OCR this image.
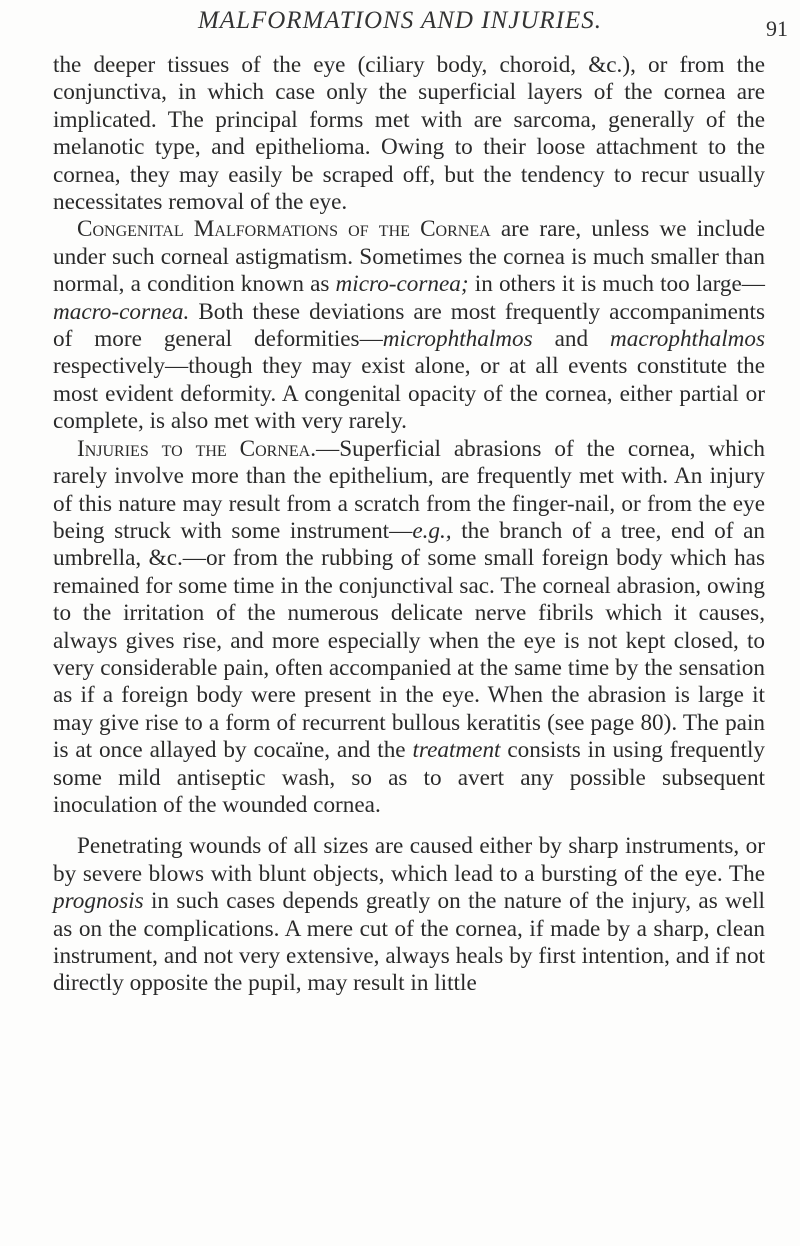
MALFORMATIONS AND INJURIES.	91

the deeper tissues of the eye (ciliary body, choroid, &c.), or from the conjunctiva, in which case only the superficial layers of the cornea are implicated. The principal forms met with are sarcoma, generally of the melanotic type, and epithelioma. Owing to their loose attachment to the cornea, they may easily be scraped off, but the tendency to recur usually necessitates removal of the eye.

Congenital Malformations of the Cornea are rare, unless we include under such corneal astigmatism. Sometimes the cornea is much smaller than normal, a condition known as micro-cornea; in others it is much too large—macro-cornea. Both these deviations are most frequently accompaniments of more general deformities—microphthalmos and macrophthalmos respectively—though they may exist alone, or at all events constitute the most evident deformity. A congenital opacity of the cornea, either partial or complete, is also met with very rarely.

Injuries to the Cornea.—Superficial abrasions of the cornea, which rarely involve more than the epithelium, are frequently met with. An injury of this nature may result from a scratch from the finger-nail, or from the eye being struck with some instrument—e.g., the branch of a tree, end of an umbrella, &c.—or from the rubbing of some small foreign body which has remained for some time in the conjunctival sac. The corneal abrasion, owing to the irritation of the numerous delicate nerve fibrils which it causes, always gives rise, and more especially when the eye is not kept closed, to very considerable pain, often accompanied at the same time by the sensation as if a foreign body were present in the eye. When the abrasion is large it may give rise to a form of recurrent bullous keratitis (see page 80). The pain is at once allayed by cocaïne, and the treatment consists in using frequently some mild antiseptic wash, so as to avert any possible subsequent inoculation of the wounded cornea.

Penetrating wounds of all sizes are caused either by sharp instruments, or by severe blows with blunt objects, which lead to a bursting of the eye. The prognosis in such cases depends greatly on the nature of the injury, as well as on the complications. A mere cut of the cornea, if made by a sharp, clean instrument, and not very extensive, always heals by first intention, and if not directly opposite the pupil, may result in little
